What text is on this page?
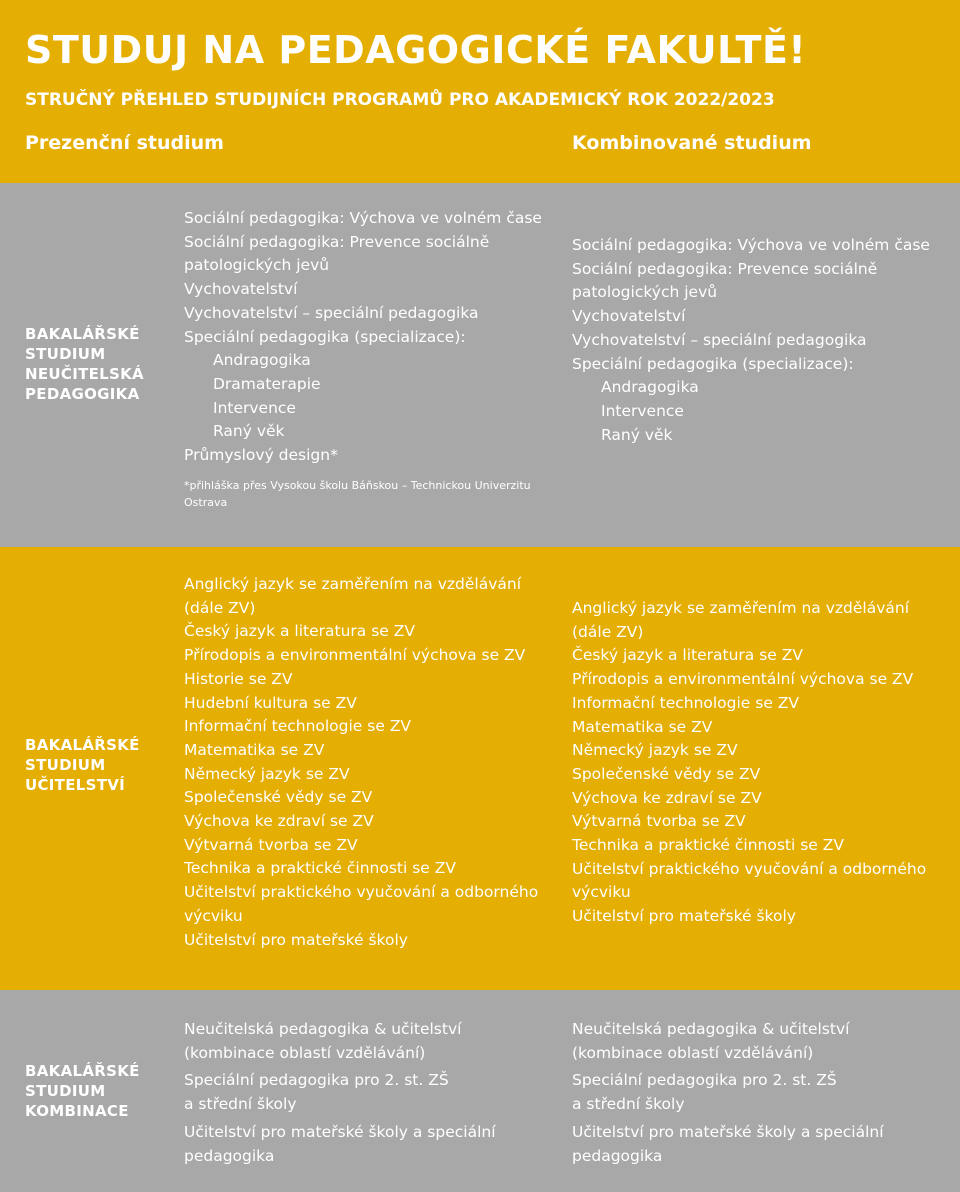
STUDUJ NA PEDAGOGICKÉ FAKULTĚ!
STRUČNÝ PŘEHLED STUDIJNÍCH PROGRAMŮ PRO AKADEMICKÝ ROK 2022/2023
Prezenční studium	Kombinované studium
BAKALÁŘSKÉ
STUDIUM
NEUČITELSKÁ
PEDAGOGIKA
Sociální pedagogika: Výchova ve volném čase
Sociální pedagogika: Prevence sociálně
patologických jevů
Vychovatelství
Vychovatelství – speciální pedagogika
Speciální pedagogika (specializace):
Andragogika
Dramaterapie
Intervence
Raný věk
Průmyslový design*
*přihláška přes Vysokou školu Báňskou – Technickou Univerzitu Ostrava
Sociální pedagogika: Výchova ve volném čase
Sociální pedagogika: Prevence sociálně
patologických jevů
Vychovatelství
Vychovatelství – speciální pedagogika
Speciální pedagogika (specializace):
Andragogika
Intervence
Raný věk
BAKALÁŘSKÉ
STUDIUM
UČITELSTVÍ
Anglický jazyk se zaměřením na vzdělávání
(dále ZV)
Český jazyk a literatura se ZV
Přírodopis a environmentální výchova se ZV
Historie se ZV
Hudební kultura se ZV
Informační technologie se ZV
Matematika se ZV
Německý jazyk se ZV
Společenské vědy se ZV
Výchova ke zdraví se ZV
Výtvarná tvorba se ZV
Technika a praktické činnosti se ZV
Učitelství praktického vyučování a odborného
výcviku
Učitelství pro mateřské školy
Anglický jazyk se zaměřením na vzdělávání
(dále ZV)
Český jazyk a literatura se ZV
Přírodopis a environmentální výchova se ZV
Informační technologie se ZV
Matematika se ZV
Německý jazyk se ZV
Společenské vědy se ZV
Výchova ke zdraví se ZV
Výtvarná tvorba se ZV
Technika a praktické činnosti se ZV
Učitelství praktického vyučování a odborného
výcviku
Učitelství pro mateřské školy
BAKALÁŘSKÉ
STUDIUM
KOMBINACE
Neučitelská pedagogika & učitelství
(kombinace oblastí vzdělávání)
Speciální pedagogika pro 2. st. ZŠ
a střední školy
Učitelství pro mateřské školy a speciální
pedagogika
Neučitelská pedagogika & učitelství
(kombinace oblastí vzdělávání)
Speciální pedagogika pro 2. st. ZŠ
a střední školy
Učitelství pro mateřské školy a speciální
pedagogika
